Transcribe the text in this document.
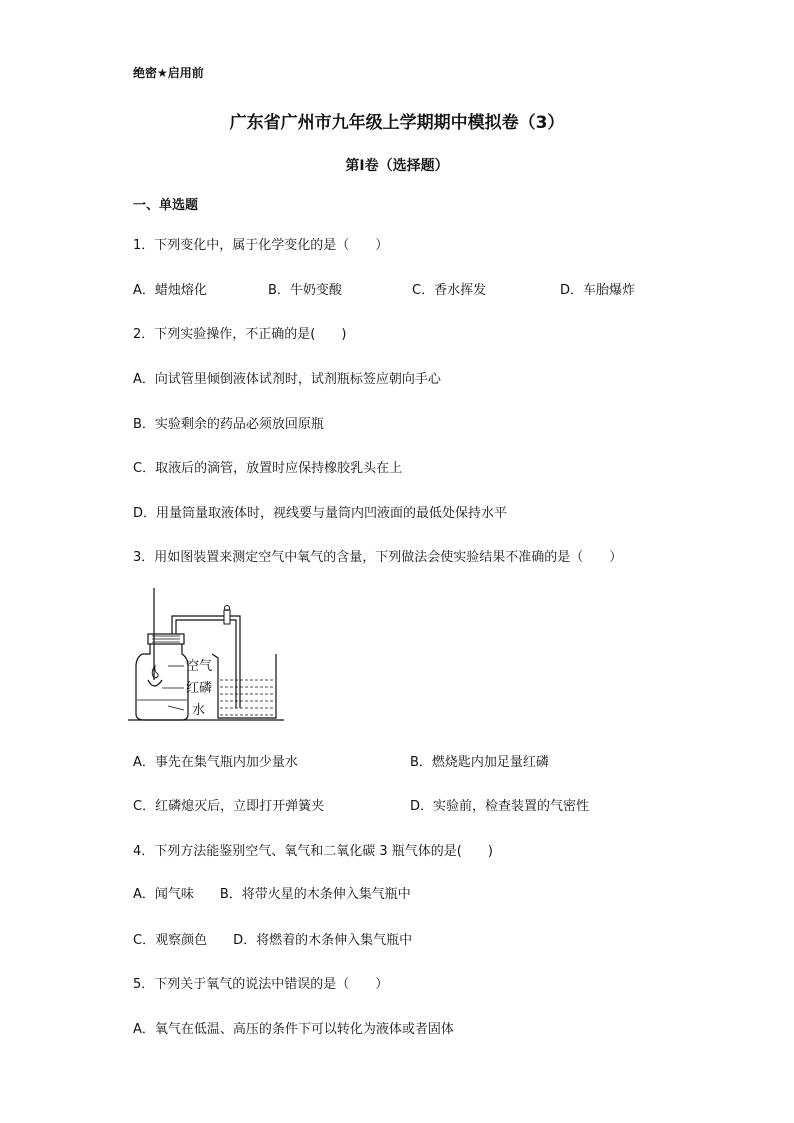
绝密★启用前
广东省广州市九年级上学期期中模拟卷（3）
第I卷（选择题）
一、单选题
1．下列变化中，属于化学变化的是（　　）
A．蜡烛熔化	B．牛奶变酸	C．香水挥发	D．车胎爆炸
2．下列实验操作，不正确的是(　　)
A．向试管里倾倒液体试剂时，试剂瓶标签应朝向手心
B．实验剩余的药品必须放回原瓶
C．取液后的滴管，放置时应保持橡胶乳头在上
D．用量筒量取液体时，视线要与量筒内凹液面的最低处保持水平
3．用如图装置来测定空气中氧气的含量，下列做法会使实验结果不准确的是（　　）
空气
红磷
水
A．事先在集气瓶内加少量水	B．燃烧匙内加足量红磷
C．红磷熄灭后，立即打开弹簧夹	D．实验前，检查装置的气密性
4．下列方法能鉴别空气、氧气和二氧化碳 3 瓶气体的是(　　)
A．闻气味　　B．将带火星的木条伸入集气瓶中
C．观察颜色　　D．将燃着的木条伸入集气瓶中
5．下列关于氧气的说法中错误的是（　　）
A．氧气在低温、高压的条件下可以转化为液体或者固体
